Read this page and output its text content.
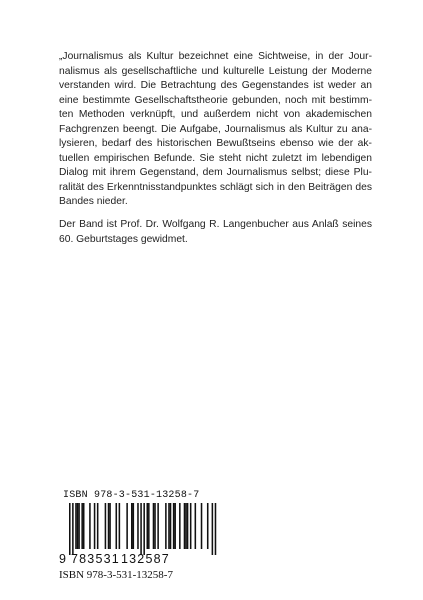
„Journalismus als Kultur bezeichnet eine Sichtweise, in der Jour-
nalismus als gesellschaftliche und kulturelle Leistung der Moderne
verstanden wird. Die Betrachtung des Gegenstandes ist weder an
eine bestimmte Gesellschaftstheorie gebunden, noch mit bestimm-
ten Methoden verknüpft, und außerdem nicht von akademischen
Fachgrenzen beengt. Die Aufgabe, Journalismus als Kultur zu ana-
lysieren, bedarf des historischen Bewußtseins ebenso wie der ak-
tuellen empirischen Befunde. Sie steht nicht zuletzt im lebendigen
Dialog mit ihrem Gegenstand, dem Journalismus selbst; diese Plu-
ralität des Erkenntnisstandpunktes schlägt sich in den Beiträgen des
Bandes nieder.
Der Band ist Prof. Dr. Wolfgang R. Langenbucher aus Anlaß seines
60. Geburtstages gewidmet.
ISBN 978-3-531-13258-7
9 783531 132587
ISBN 978-3-531-13258-7
